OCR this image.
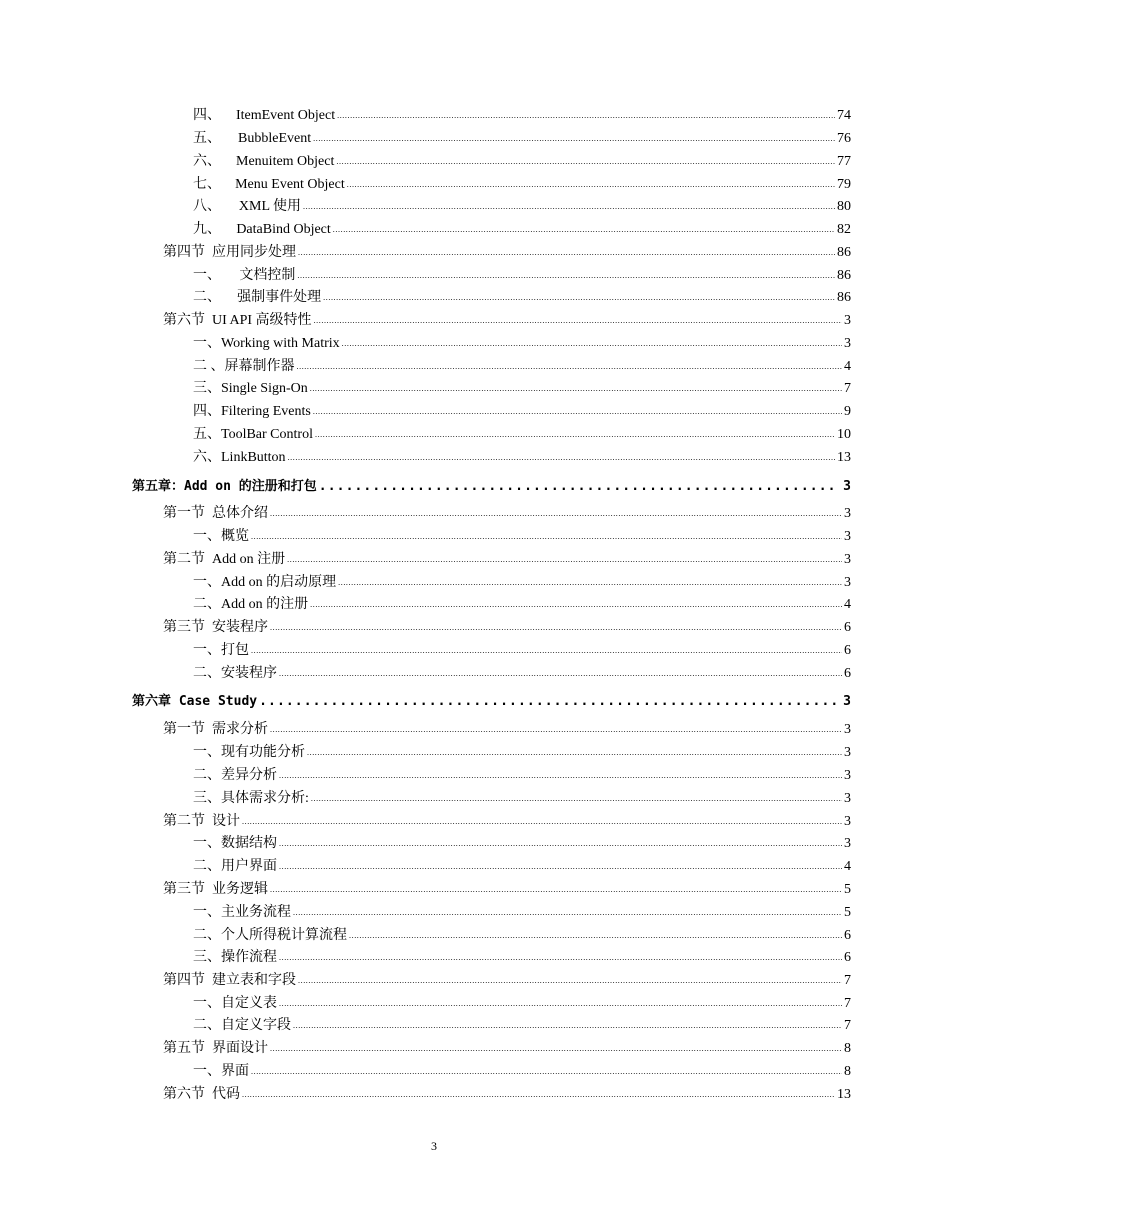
四、	ItemEvent Object .....	74
五、	BubbleEvent .....	76
六、	Menuitem Object .....	77
七、	Menu Event Object .....	79
八、	XML 使用 .....	80
九、	DataBind Object .....	82
第四节  应用同步处理 .....	86
一、	文档控制 .....	86
二、	强制事件处理 .....	86
第六节  UI API 高级特性 .....	3
一、Working with Matrix .....	3
二 、屏幕制作器 .....	4
三、Single Sign-On .....	7
四、Filtering Events .....	9
五、ToolBar Control .....	10
六、LinkButton .....	13
第五章：Add on 的注册和打包 .....	3
第一节  总体介绍 .....	3
一、概览 .....	3
第二节  Add on 注册 .....	3
一、Add on 的启动原理 .....	3
二、Add on 的注册 .....	4
第三节  安装程序 .....	6
一、打包 .....	6
二、安装程序 .....	6
第六章 Case Study .....	3
第一节  需求分析 .....	3
一、现有功能分析 .....	3
二、差异分析 .....	3
三、具体需求分析: .....	3
第二节  设计 .....	3
一、数据结构 .....	3
二、用户界面 .....	4
第三节  业务逻辑 .....	5
一、主业务流程 .....	5
二、个人所得税计算流程 .....	6
三、操作流程 .....	6
第四节  建立表和字段 .....	7
一、自定义表 .....	7
二、自定义字段 .....	7
第五节  界面设计 .....	8
一、界面 .....	8
第六节  代码 .....	13
3
